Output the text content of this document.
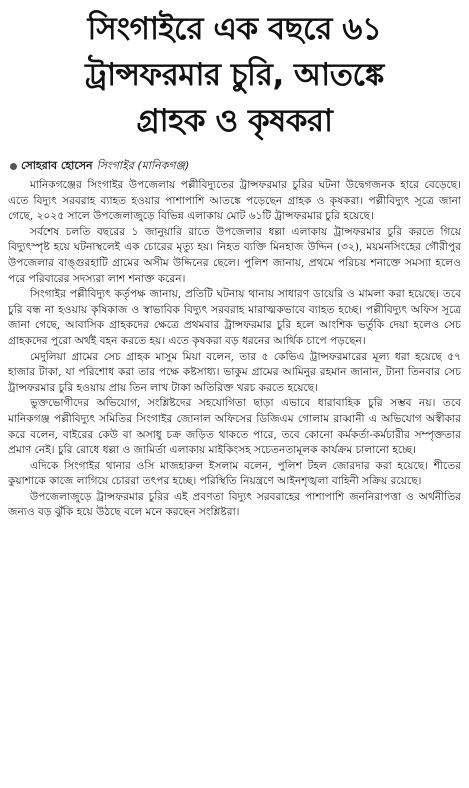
সিংগাইরে এক বছরে ৬১
ট্রান্সফরমার চুরি, আতঙ্কে
গ্রাহক ও কৃষকরা
সোহরাব হোসেন সিংগাইর (মানিকগঞ্জ)

মানিকগঞ্জের সিংগাইর উপজেলায় পল্লীবিদ্যুতের ট্রান্সফরমার চুরির ঘটনা উদ্বেগজনক হারে বেড়েছে। এতে বিদ্যুৎ সরবরাহ ব্যাহত হওয়ার পাশাপাশি আতঙ্কে পড়েছেন গ্রাহক ও কৃষকরা। পল্লীবিদ্যুৎ সূত্রে জানা গেছে, ২০২৫ সালে উপজেলাজুড়ে বিভিন্ন এলাকায় মোট ৬১টি ট্রান্সফরমার চুরি হয়েছে।

সর্বশেষ চলতি বছরের ১ জানুয়ারি রাতে উপজেলার ধল্লা এলাকায় ট্রান্সফরমার চুরি করতে গিয়ে বিদ্যুৎস্পৃষ্ট হয়ে ঘটনাস্থলেই এক চোরের মৃত্যু হয়। নিহত ব্যক্তি মিনহাজ উদ্দিন (৩২), ময়মনসিংহের গৌরীপুর উপজেলার বাঙ্গুরহাটি গ্রামের অসীম উদ্দিনের ছেলে। পুলিশ জানায়, প্রথমে পরিচয় শনাক্তে সমস্যা হলেও পরে পরিবারের সদস্যরা লাশ শনাক্ত করেন।

সিংগাইর পল্লীবিদ্যুৎ কর্তৃপক্ষ জানায়, প্রতিটি ঘটনায় থানায় সাধারণ ডায়েরি ও মামলা করা হয়েছে। তবে চুরি বন্ধ না হওয়ায় কৃষিকাজ ও স্বাভাবিক বিদ্যুৎ সরবরাহ মারাত্মকভাবে ব্যাহত হচ্ছে। পল্লীবিদ্যুৎ অফিস সূত্রে জানা গেছে, আবাসিক গ্রাহকদের ক্ষেত্রে প্রথমবার ট্রান্সফরমার চুরি হলে আংশিক ভর্তুকি দেয়া হলেও সেচ গ্রাহকদের পুরো অর্থই বহন করতে হয়। এতে কৃষকরা বড় ধরনের আর্থিক চাপে পড়ছেন।

মেদুলিয়া গ্রামের সেচ গ্রাহক মাসুম মিয়া বলেন, তার ৫ কেভিএ ট্রান্সফরমারের মূল্য ধরা হয়েছে ৫৭ হাজার টাকা, যা পরিশোধ করা তার পক্ষে কষ্টসাধ্য। ভাকুম গ্রামের আমিনুর রহমান জানান, টানা তিনবার সেচ ট্রান্সফরমার চুরি হওয়ায় প্রায় তিন লাখ টাকা অতিরিক্ত খরচ করতে হয়েছে।

ভুক্তভোগীদের অভিযোগ, সংশ্লিষ্টদের সহযোগিতা ছাড়া এভাবে ধারাবাহিক চুরি সম্ভব নয়। তবে মানিকগঞ্জ পল্লীবিদ্যুৎ সমিতির সিংগাইর জোনাল অফিসের ডিজিএম গোলাম রাব্বানী এ অভিযোগ অস্বীকার করে বলেন, বাইরের কেউ বা অসাধু চক্র জড়িত থাকতে পারে, তবে কোনো কর্মকর্তা-কর্মচারীর সম্পৃক্ততার প্রমাণ নেই। চুরি রোধে ধল্লা ও জামির্তা এলাকায় মাইকিংসহ সচেতনতামূলক কার্যক্রম চালানো হচ্ছে।

এদিকে সিংগাইর থানার ওসি মাজহারুল ইসলাম বলেন, পুলিশ টহল জোরদার করা হয়েছে। শীতের কুয়াশাকে কাজে লাগিয়ে চোররা তৎপর হচ্ছে। পরিস্থিতি নিয়ন্ত্রণে আইনশৃঙ্খলা বাহিনী সক্রিয় রয়েছে।

উপজেলাজুড়ে ট্রান্সফরমার চুরির এই প্রবণতা বিদ্যুৎ সরবরাহের পাশাপাশি জননিরাপত্তা ও অর্থনীতির জন্যও বড় ঝুঁকি হয়ে উঠছে বলে মনে করছেন সংশ্লিষ্টরা।
